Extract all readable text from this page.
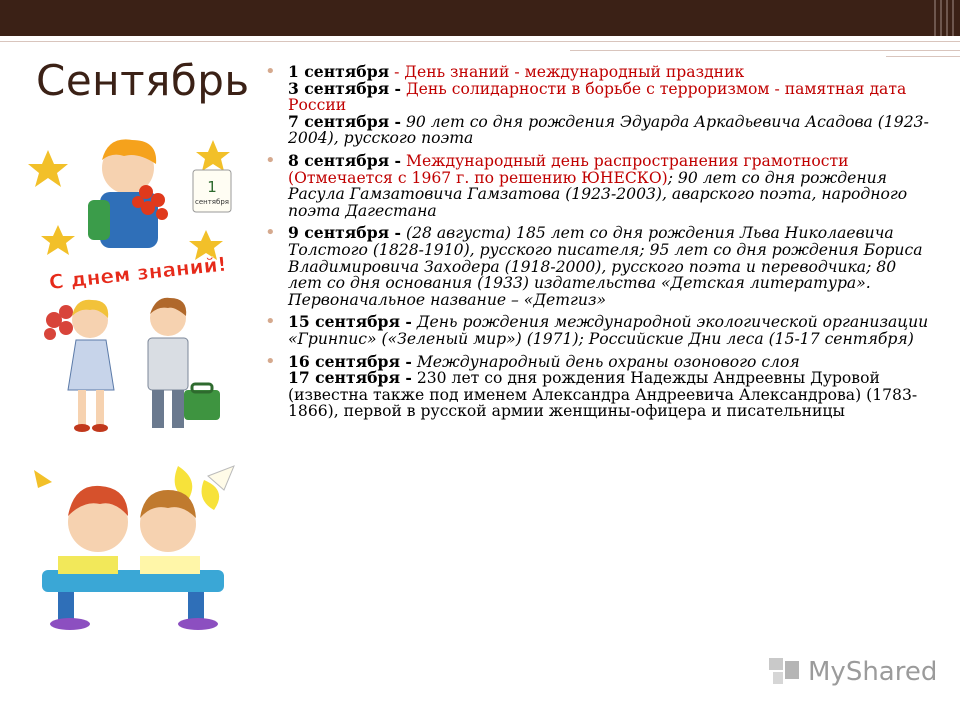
Сентябрь
1
сентября
С днем знаний!
• 1 сентября - День знаний - международный праздник
3 сентября - День солидарности в борьбе с терроризмом - памятная дата России
7 сентября - 90 лет со дня рождения Эдуарда Аркадьевича Асадова (1923-2004), русского поэта
• 8 сентября - Международный день распространения грамотности (Отмечается с 1967 г. по решению ЮНЕСКО); 90 лет со дня рождения Расула Гамзатовича Гамзатова (1923-2003), аварского поэта, народного поэта Дагестана
• 9 сентября - (28 августа) 185 лет со дня рождения Льва Николаевича Толстого (1828-1910), русского писателя; 95 лет со дня рождения Бориса Владимировича Заходера (1918-2000), русского поэта и переводчика; 80 лет со дня основания (1933) издательства «Детская литература». Первоначальное название – «Детгиз»
• 15 сентября - День рождения международной экологической организации «Гринпис» («Зеленый мир») (1971); Российские Дни леса (15-17 сентября)
• 16 сентября - Международный день охраны озонового слоя
17 сентября - 230 лет со дня рождения Надежды Андреевны Дуровой (известна также под именем Александра Андреевича Александрова) (1783-1866), первой в русской армии женщины-офицера и писательницы
MyShared
